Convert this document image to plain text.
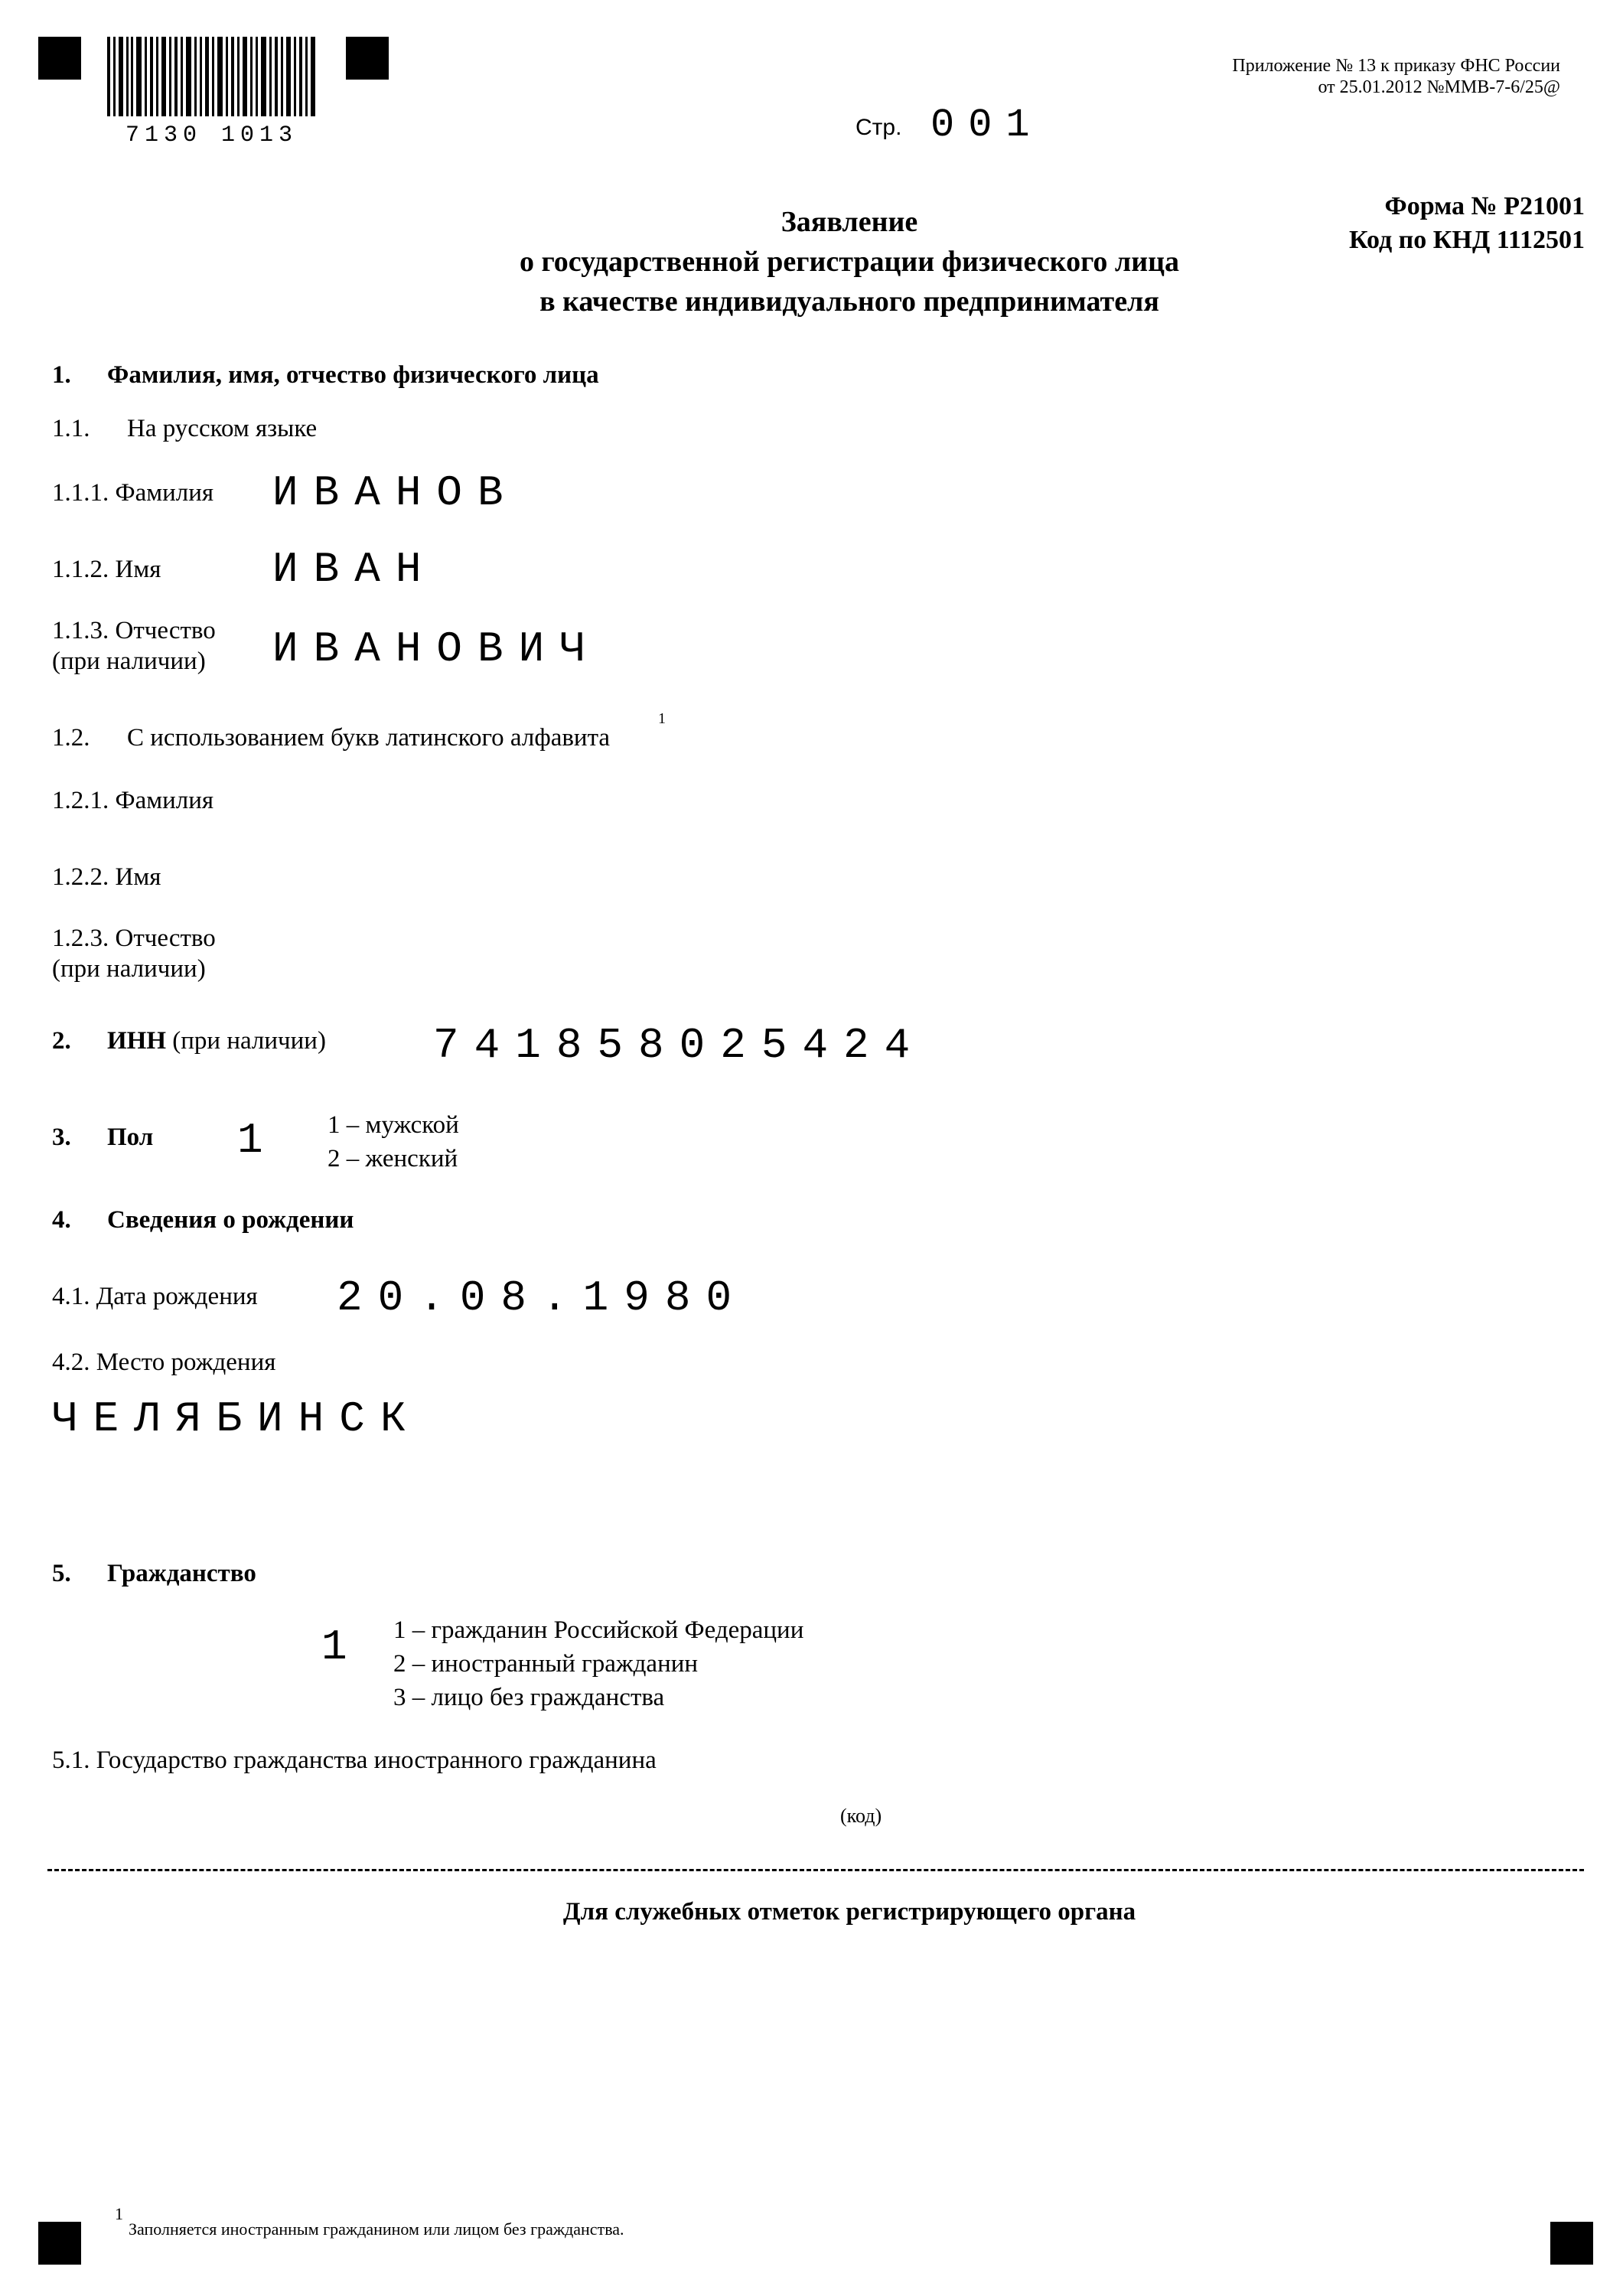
7130 1013
Приложение № 13 к приказу ФНС России
от 25.01.2012 №ММВ-7-6/25@
Стр. 001
Заявление
о государственной регистрации физического лица
в качестве индивидуального предпринимателя
Форма № Р21001
Код по КНД 1112501
1. Фамилия, имя, отчество физического лица
1.1. На русском языке
1.1.1. Фамилия ИВАНОВ
1.1.2. Имя	ИВАН
1.1.3. Отчество
(при наличии) ИВАНОВИЧ
1.2. С использованием букв латинского алфавита
1
1.2.1. Фамилия
1.2.2. Имя
1.2.3. Отчество
(при наличии)
2. ИНН (при наличии)	741858025424
3. Пол 1 1 – мужской
2 – женский
4. Сведения о рождении
4.1. Дата рождения 20.08.1980
4.2. Место рождения
ЧЕЛЯБИНСК
5. Гражданство
1 1 – гражданин Российской Федерации
2 – иностранный гражданин
3 – лицо без гражданства
5.1. Государство гражданства иностранного гражданина
(код)
Для служебных отметок регистрирующего органа
1
Заполняется иностранным гражданином или лицом без гражданства.
